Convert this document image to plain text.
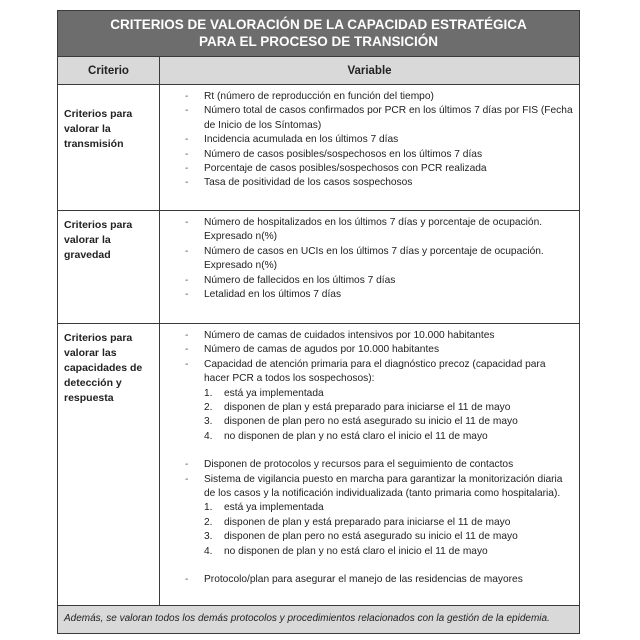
CRITERIOS DE VALORACIÓN DE LA CAPACIDAD ESTRATÉGICA
PARA EL PROCESO DE TRANSICIÓN
Criterio	Variable
Criterios para valorar la transmisión
- Rt (número de reproducción en función del tiempo)
- Número total de casos confirmados por PCR en los últimos 7 días por FIS (Fecha de Inicio de los Síntomas)
- Incidencia acumulada en los últimos 7 días
- Número de casos posibles/sospechosos en los últimos 7 días
- Porcentaje de casos posibles/sospechosos con PCR realizada
- Tasa de positividad de los casos sospechosos
Criterios para valorar la gravedad
- Número de hospitalizados en los últimos 7 días y porcentaje de ocupación. Expresado n(%)
- Número de casos en UCIs en los últimos 7 días y porcentaje de ocupación. Expresado n(%)
- Número de fallecidos en los últimos 7 días
- Letalidad en los últimos 7 días
Criterios para valorar las capacidades de detección y respuesta
- Número de camas de cuidados intensivos por 10.000 habitantes
- Número de camas de agudos por 10.000 habitantes
- Capacidad de atención primaria para el diagnóstico precoz (capacidad para hacer PCR a todos los sospechosos):
1. está ya implementada
2. disponen de plan y está preparado para iniciarse el 11 de mayo
3. disponen de plan pero no está asegurado su inicio el 11 de mayo
4. no disponen de plan y no está claro el inicio el 11 de mayo
- Disponen de protocolos y recursos para el seguimiento de contactos
- Sistema de vigilancia puesto en marcha para garantizar la monitorización diaria de los casos y la notificación individualizada (tanto primaria como hospitalaria).
1. está ya implementada
2. disponen de plan y está preparado para iniciarse el 11 de mayo
3. disponen de plan pero no está asegurado su inicio el 11 de mayo
4. no disponen de plan y no está claro el inicio el 11 de mayo
- Protocolo/plan para asegurar el manejo de las residencias de mayores
Además, se valoran todos los demás protocolos y procedimientos relacionados con la gestión de la epidemia.
